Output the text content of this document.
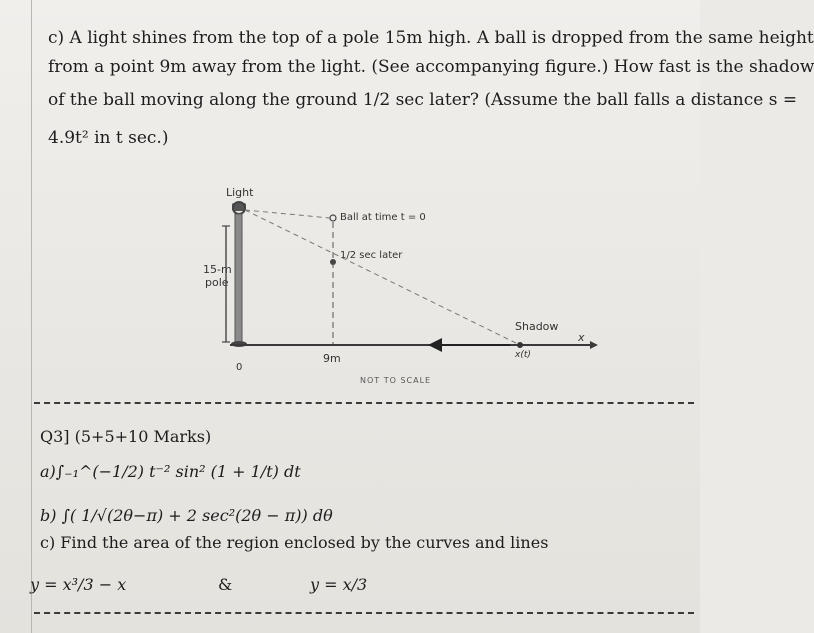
c) A light shines from the top of a pole 15m high. A ball is dropped from the same height
from a point 9m away from the light. (See accompanying figure.) How fast is the shadow
of the ball moving along the ground 1/2 sec later? (Assume the ball falls a distance s =
4.9t² in t sec.)
Light
0
15-m
pole
Ball at time t = 0
1/2 sec later
x
9m
Shadow
x(t)
NOT TO SCALE
Q3] (5+5+10 Marks)
a)∫₋₁^(−1/2) t⁻² sin² (1 + 1/t) dt
b) ∫( 1/√(2θ−π) + 2 sec²(2θ − π)) dθ
c) Find the area of the region enclosed by the curves and lines
y = x³/3 − x	&	y = x/3
